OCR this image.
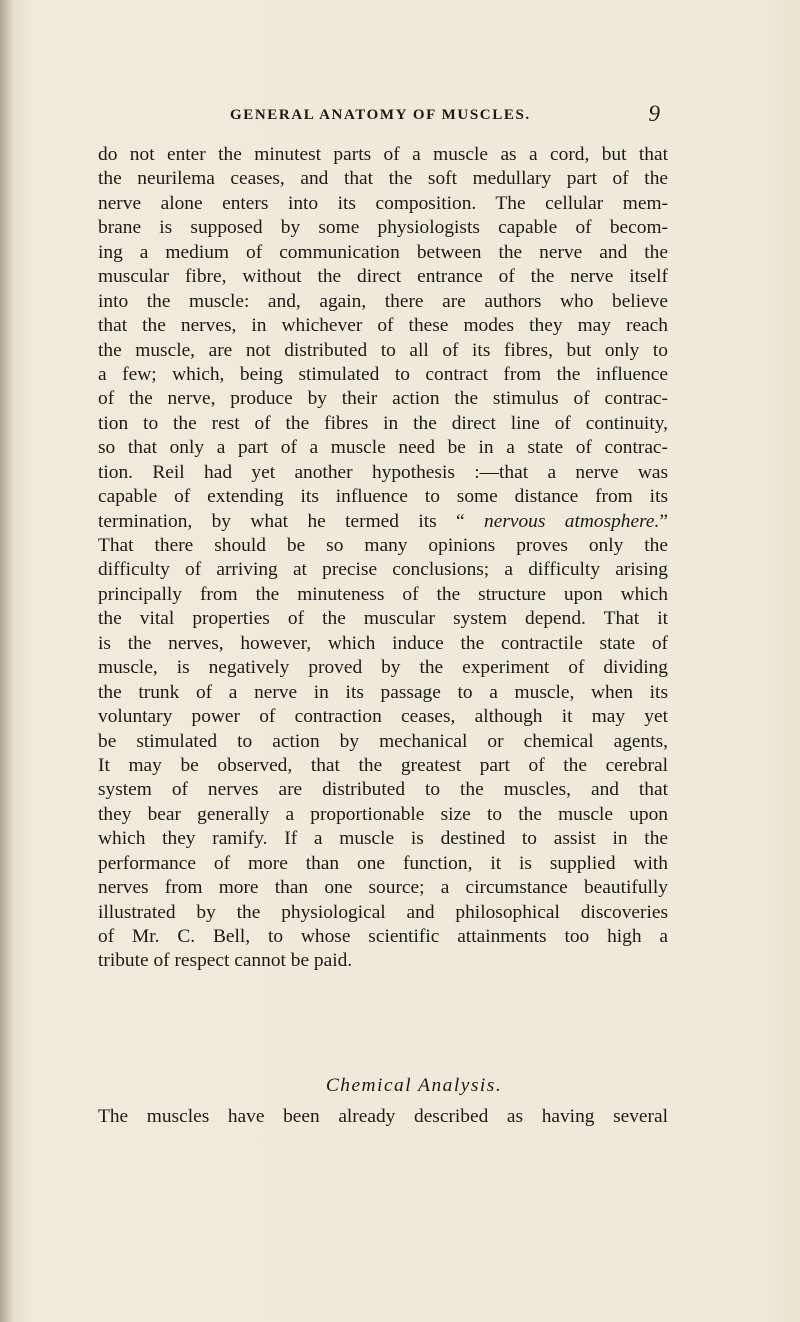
GENERAL ANATOMY OF MUSCLES.	9
do not enter the minutest parts of a muscle as a cord, but that
the neurilema ceases, and that the soft medullary part of the
nerve alone enters into its composition. The cellular mem-
brane is supposed by some physiologists capable of becom-
ing a medium of communication between the nerve and the
muscular fibre, without the direct entrance of the nerve itself
into the muscle: and, again, there are authors who believe
that the nerves, in whichever of these modes they may reach
the muscle, are not distributed to all of its fibres, but only to
a few; which, being stimulated to contract from the influence
of the nerve, produce by their action the stimulus of contrac-
tion to the rest of the fibres in the direct line of continuity,
so that only a part of a muscle need be in a state of contrac-
tion. Reil had yet another hypothesis :—that a nerve was
capable of extending its influence to some distance from its
termination, by what he termed its “ nervous atmosphere.”
That there should be so many opinions proves only the
difficulty of arriving at precise conclusions; a difficulty arising
principally from the minuteness of the structure upon which
the vital properties of the muscular system depend. That it
is the nerves, however, which induce the contractile state of
muscle, is negatively proved by the experiment of dividing
the trunk of a nerve in its passage to a muscle, when its
voluntary power of contraction ceases, although it may yet
be stimulated to action by mechanical or chemical agents,
It may be observed, that the greatest part of the cerebral
system of nerves are distributed to the muscles, and that
they bear generally a proportionable size to the muscle upon
which they ramify. If a muscle is destined to assist in the
performance of more than one function, it is supplied with
nerves from more than one source; a circumstance beautifully
illustrated by the physiological and philosophical discoveries
of Mr. C. Bell, to whose scientific attainments too high a
tribute of respect cannot be paid.
Chemical Analysis.
The muscles have been already described as having several
